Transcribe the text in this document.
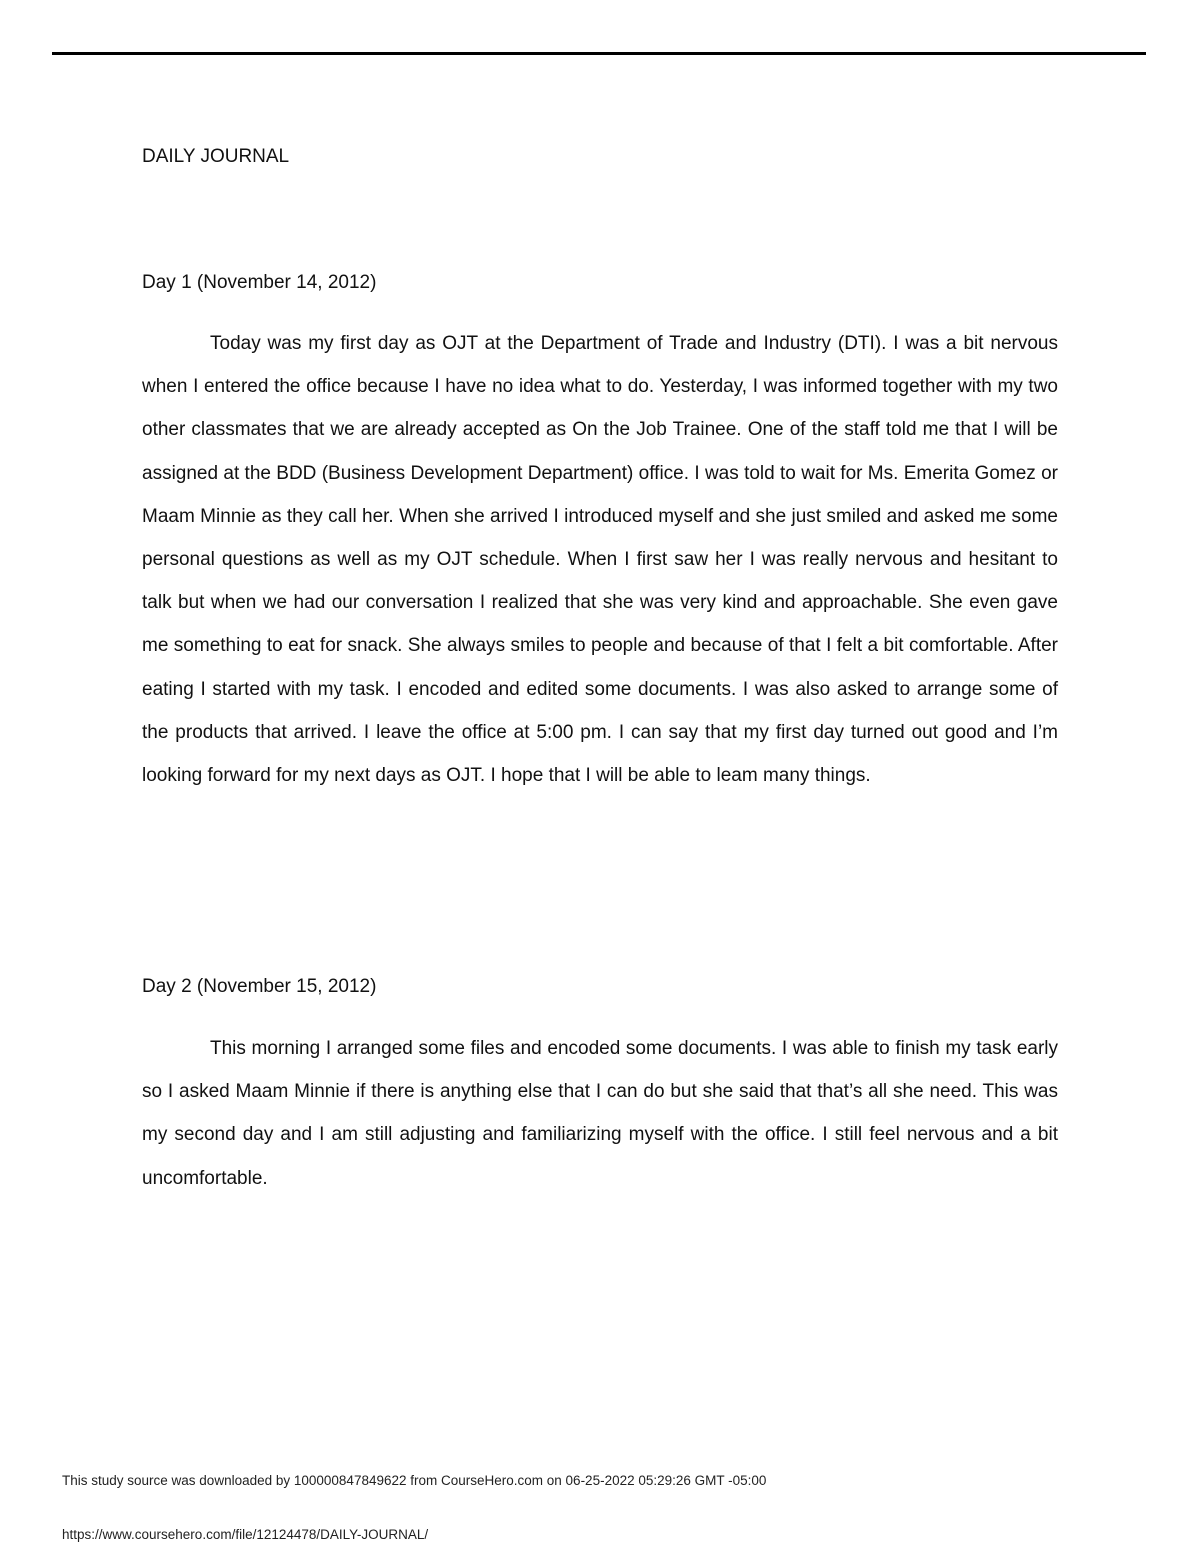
DAILY JOURNAL
Day 1 (November 14, 2012)

Today was my first day as OJT at the Department of Trade and Industry (DTI). I was a bit nervous when I entered the office because I have no idea what to do. Yesterday, I was informed together with my two other classmates that we are already accepted as On the Job Trainee. One of the staff told me that I will be assigned at the BDD (Business Development Department) office. I was told to wait for Ms. Emerita Gomez or Maam Minnie as they call her. When she arrived I introduced myself and she just smiled and asked me some personal questions as well as my OJT schedule. When I first saw her I was really nervous and hesitant to talk but when we had our conversation I realized that she was very kind and approachable. She even gave me something to eat for snack. She always smiles to people and because of that I felt a bit comfortable. After eating I started with my task. I encoded and edited some documents. I was also asked to arrange some of the products that arrived. I leave the office at 5:00 pm. I can say that my first day turned out good and I’m looking forward for my next days as OJT. I hope that I will be able to leam many things.

Day 2 (November 15, 2012)

This morning I arranged some files and encoded some documents. I was able to finish my task early so I asked Maam Minnie if there is anything else that I can do but she said that that’s all she need. This was my second day and I am still adjusting and familiarizing myself with the office. I still feel nervous and a bit uncomfortable.

This study source was downloaded by 100000847849622 from CourseHero.com on 06-25-2022 05:29:26 GMT -05:00
https://www.coursehero.com/file/12124478/DAILY-JOURNAL/
